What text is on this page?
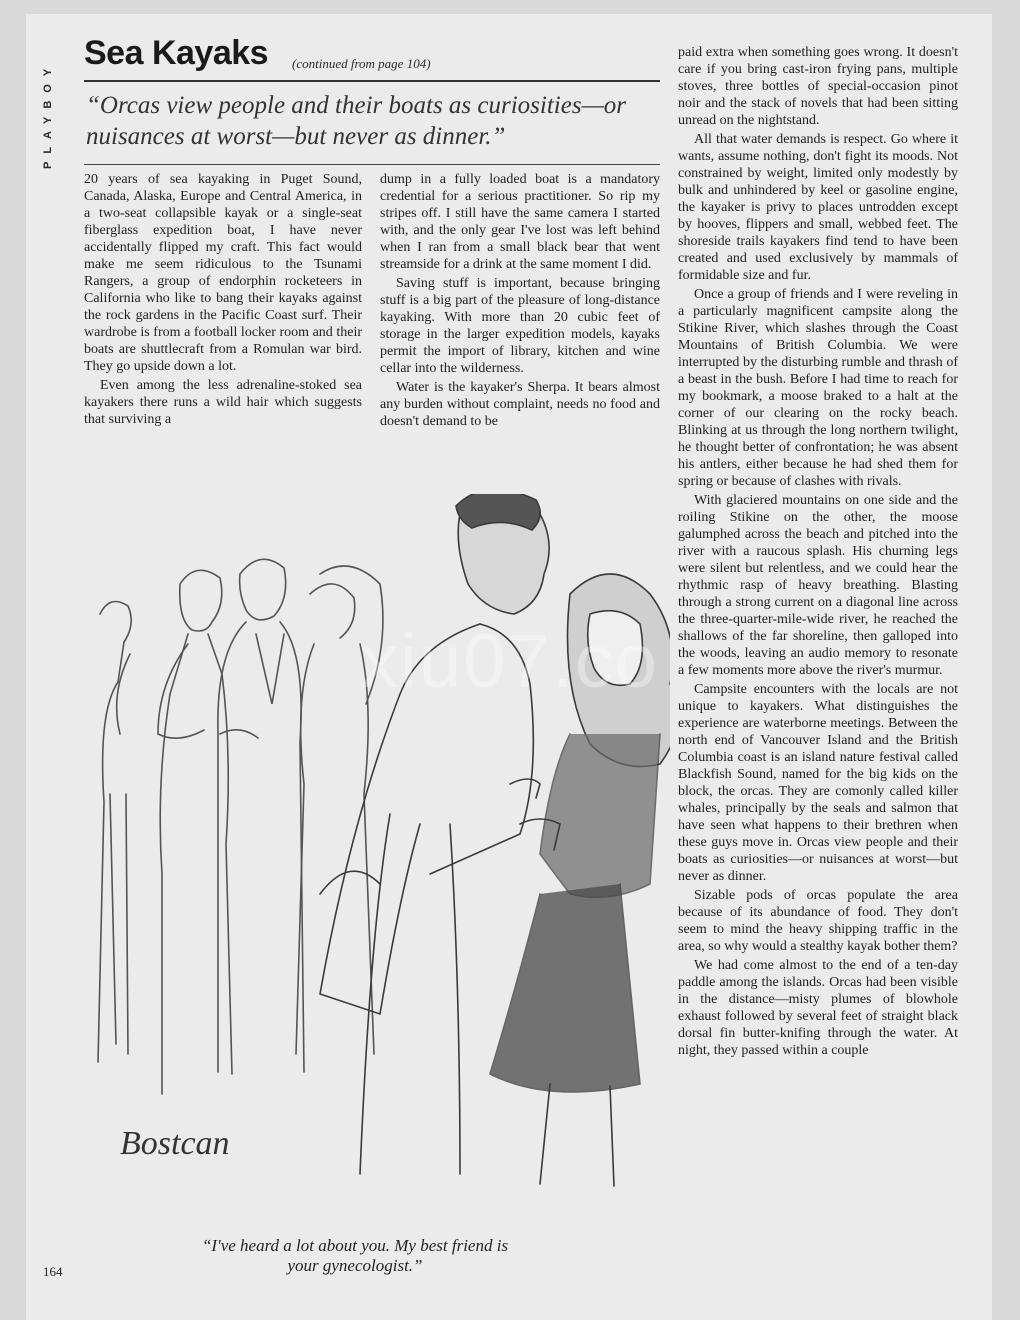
PLAYBOY
Sea Kayaks (continued from page 104)
“Orcas view people and their boats as curiosities—or nuisances at worst—but never as dinner.”

20 years of sea kayaking in Puget Sound, Canada, Alaska, Europe and Central America, in a two-seat collapsible kayak or a single-seat fiberglass expedition boat, I have never accidentally flipped my craft. This fact would make me seem ridiculous to the Tsunami Rangers, a group of endorphin rocketeers in California who like to bang their kayaks against the rock gardens in the Pacific Coast surf. Their wardrobe is from a football locker room and their boats are shuttlecraft from a Romulan war bird. They go upside down a lot.

Even among the less adrenaline-stoked sea kayakers there runs a wild hair which suggests that surviving a

dump in a fully loaded boat is a mandatory credential for a serious practitioner. So rip my stripes off. I still have the same camera I started with, and the only gear I've lost was left behind when I ran from a small black bear that went streamside for a drink at the same moment I did.

Saving stuff is important, because bringing stuff is a big part of the pleasure of long-distance kayaking. With more than 20 cubic feet of storage in the larger expedition models, kayaks permit the import of library, kitchen and wine cellar into the wilderness.

Water is the kayaker's Sherpa. It bears almost any burden without complaint, needs no food and doesn't demand to be

paid extra when something goes wrong. It doesn't care if you bring cast-iron frying pans, multiple stoves, three bottles of special-occasion pinot noir and the stack of novels that had been sitting unread on the nightstand.

All that water demands is respect. Go where it wants, assume nothing, don't fight its moods. Not constrained by weight, limited only modestly by bulk and unhindered by keel or gasoline engine, the kayaker is privy to places untrodden except by hooves, flippers and small, webbed feet. The shoreside trails kayakers find tend to have been created and used exclusively by mammals of formidable size and fur.

Once a group of friends and I were reveling in a particularly magnificent campsite along the Stikine River, which slashes through the Coast Mountains of British Columbia. We were interrupted by the disturbing rumble and thrash of a beast in the bush. Before I had time to reach for my bookmark, a moose braked to a halt at the corner of our clearing on the rocky beach. Blinking at us through the long northern twilight, he thought better of confrontation; he was absent his antlers, either because he had shed them for spring or because of clashes with rivals.

With glaciered mountains on one side and the roiling Stikine on the other, the moose galumphed across the beach and pitched into the river with a raucous splash. His churning legs were silent but relentless, and we could hear the rhythmic rasp of heavy breathing. Blasting through a strong current on a diagonal line across the three-quarter-mile-wide river, he reached the shallows of the far shoreline, then galloped into the woods, leaving an audio memory to resonate a few moments more above the river's murmur.

Campsite encounters with the locals are not unique to kayakers. What distinguishes the experience are waterborne meetings. Between the north end of Vancouver Island and the British Columbia coast is an island nature festival called Blackfish Sound, named for the big kids on the block, the orcas. They are comonly called killer whales, principally by the seals and salmon that have seen what happens to their brethren when these guys move in. Orcas view people and their boats as curiosities—or nuisances at worst—but never as dinner.

Sizable pods of orcas populate the area because of its abundance of food. They don't seem to mind the heavy shipping traffic in the area, so why would a stealthy kayak bother them?

We had come almost to the end of a ten-day paddle among the islands. Orcas had been visible in the distance—misty plumes of blowhole exhaust followed by several feet of straight black dorsal fin butter-knifing through the water. At night, they passed within a couple

Bostcan
xiu07.co
“I've heard a lot about you. My best friend is
your gynecologist.”
164
